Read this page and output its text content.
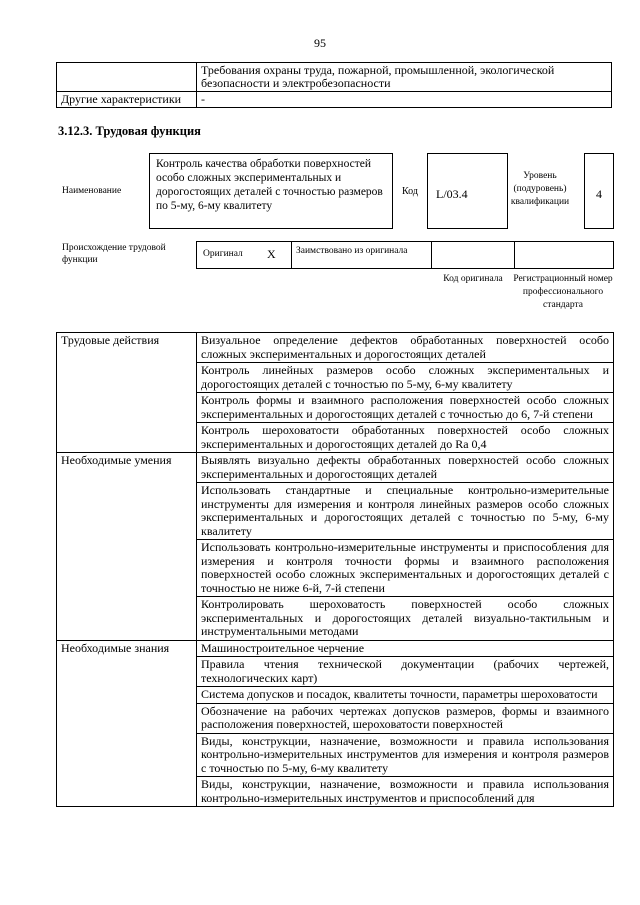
95
	Требования охраны труда, пожарной, промышленной, экологической безопасности и электробезопасности
Другие характеристики	-
3.12.3. Трудовая функция
Наименование
Контроль качества обработки поверхностей особо сложных экспериментальных и дорогостоящих деталей с точностью размеров по 5-му, 6-му квалитету
Код	L/03.4
Уровень (подуровень) квалификации
4
Происхождение трудовой функции
Оригинал X	Заимствовано из оригинала
Код оригинала	Регистрационный номер профессионального стандарта
Трудовые действия	Визуальное определение дефектов обработанных поверхностей особо сложных экспериментальных и дорогостоящих деталей
	Контроль линейных размеров особо сложных экспериментальных и дорогостоящих деталей с точностью по 5-му, 6-му квалитету
	Контроль формы и взаимного расположения поверхностей особо сложных экспериментальных и дорогостоящих деталей с точностью до 6, 7-й степени
	Контроль шероховатости обработанных поверхностей особо сложных экспериментальных и дорогостоящих деталей до Ra 0,4
Необходимые умения	Выявлять визуально дефекты обработанных поверхностей особо сложных экспериментальных и дорогостоящих деталей
	Использовать стандартные и специальные контрольно-измерительные инструменты для измерения и контроля линейных размеров особо сложных экспериментальных и дорогостоящих деталей с точностью по 5-му, 6-му квалитету
	Использовать контрольно-измерительные инструменты и приспособления для измерения и контроля точности формы и взаимного расположения поверхностей особо сложных экспериментальных и дорогостоящих деталей с точностью не ниже 6-й, 7-й степени
	Контролировать шероховатость поверхностей особо сложных экспериментальных и дорогостоящих деталей визуально-тактильным и инструментальными методами
Необходимые знания	Машиностроительное черчение
	Правила чтения технической документации (рабочих чертежей, технологических карт)
	Система допусков и посадок, квалитеты точности, параметры шероховатости
	Обозначение на рабочих чертежах допусков размеров, формы и взаимного расположения поверхностей, шероховатости поверхностей
	Виды, конструкции, назначение, возможности и правила использования контрольно-измерительных инструментов для измерения и контроля размеров с точностью по 5-му, 6-му квалитету
	Виды, конструкции, назначение, возможности и правила использования контрольно-измерительных инструментов и приспособлений для
